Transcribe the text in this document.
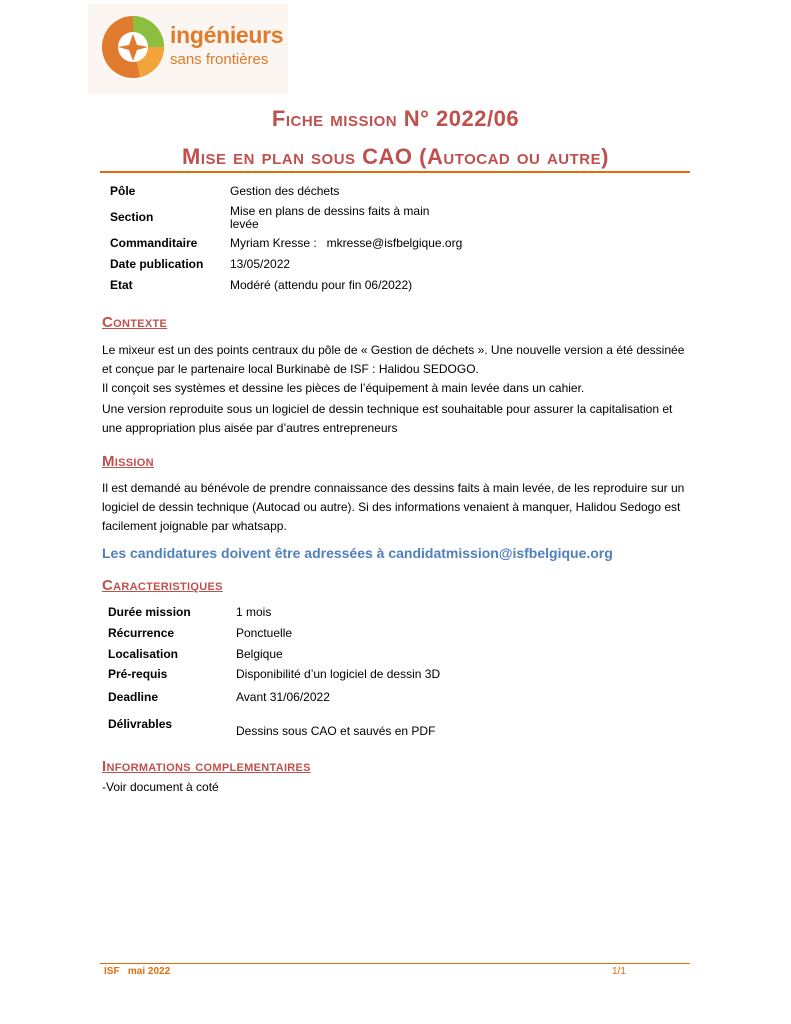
ingénieurs
sans frontières
Fiche mission N° 2022/06
Mise en plan sous CAO (Autocad ou autre)
Pôle	Gestion des déchets
Section	Mise en plans de dessins faits à main
levée
Commanditaire	Myriam Kresse :   mkresse@isfbelgique.org
Date publication 13/05/2022
Etat	Modéré (attendu pour fin 06/2022)
Contexte
Le mixeur est un des points centraux du pôle de « Gestion de déchets ». Une nouvelle version a été dessinée
et conçue par le partenaire local Burkinabè de ISF : Halidou SEDOGO.
Il conçoit ses systèmes et dessine les pièces de l’équipement à main levée dans un cahier.
Une version reproduite sous un logiciel de dessin technique est souhaitable pour assurer la capitalisation et
une appropriation plus aisée par d’autres entrepreneurs
Mission
Il est demandé au bénévole de prendre connaissance des dessins faits à main levée, de les reproduire sur un
logiciel de dessin technique (Autocad ou autre). Si des informations venaient à manquer, Halidou Sedogo est
facilement joignable par whatsapp.
Les candidatures doivent être adressées à candidatmission@isfbelgique.org
Caracteristiques
Durée mission	1 mois
Récurrence	Ponctuelle
Localisation	Belgique
Pré-requis	Disponibilité d’un logiciel de dessin 3D
Deadline	Avant 31/06/2022
Délivrables	Dessins sous CAO et sauvés en PDF
Informations complementaires
-Voir document à coté
ISF   mai 2022	1/1
